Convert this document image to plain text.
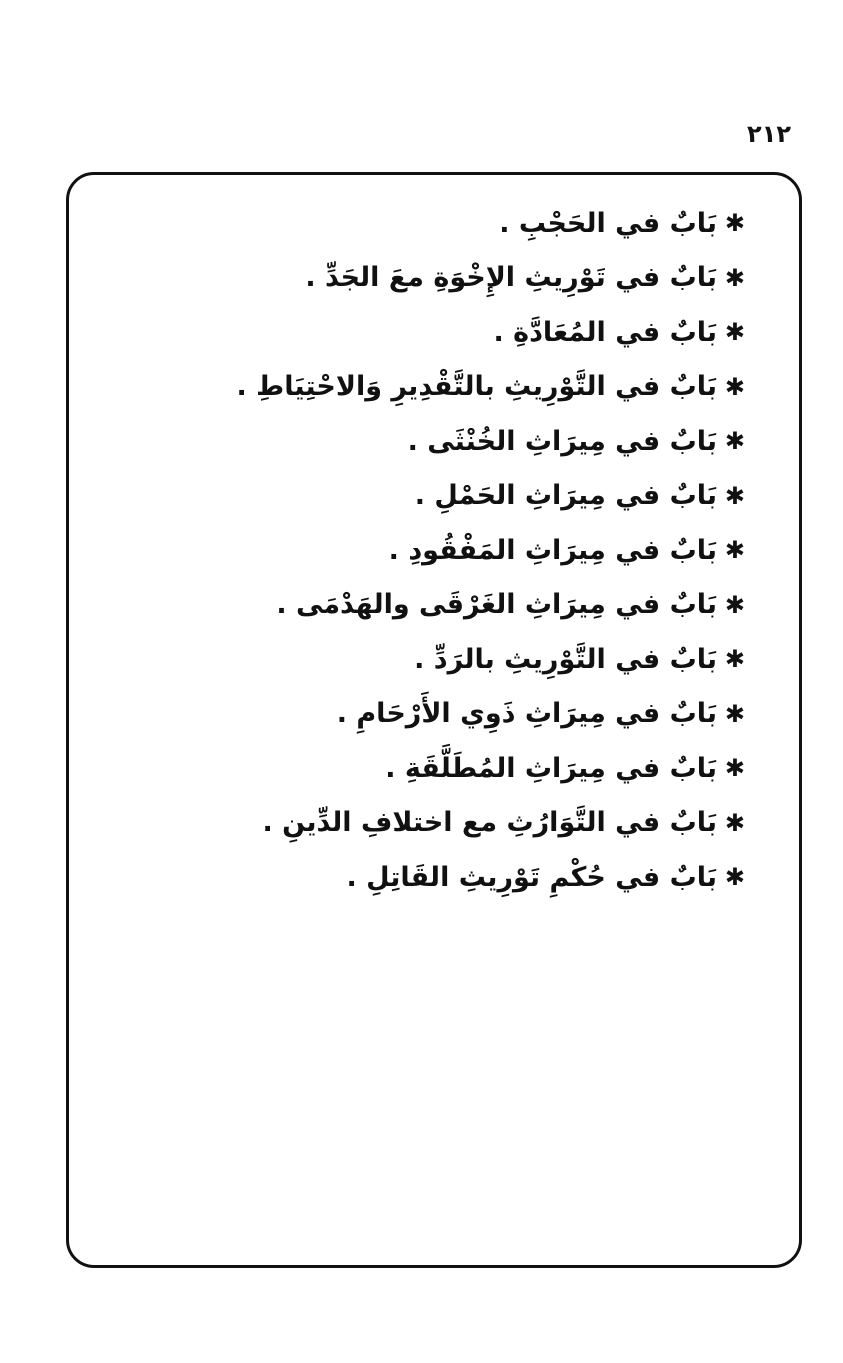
٢١٢
✱
بَابٌ في الحَجْبِ .
✱
بَابٌ في تَوْرِيثِ الإِخْوَةِ معَ الجَدِّ .
✱
بَابٌ في المُعَادَّةِ .
✱
بَابٌ في التَّوْرِيثِ بالتَّقْدِيرِ وَالاحْتِيَاطِ .
✱
بَابٌ في مِيرَاثِ الخُنْثَى .
✱
بَابٌ في مِيرَاثِ الحَمْلِ .
✱
بَابٌ في مِيرَاثِ المَفْقُودِ .
✱
بَابٌ في مِيرَاثِ الغَرْقَى والهَدْمَى .
✱
بَابٌ في التَّوْرِيثِ بالرَدِّ .
✱
بَابٌ في مِيرَاثِ ذَوِي الأَرْحَامِ .
✱
بَابٌ في مِيرَاثِ المُطَلَّقَةِ .
✱
بَابٌ في التَّوَارُثِ مع اختلافِ الدِّينِ .
✱
بَابٌ في حُكْمِ تَوْرِيثِ القَاتِلِ .
